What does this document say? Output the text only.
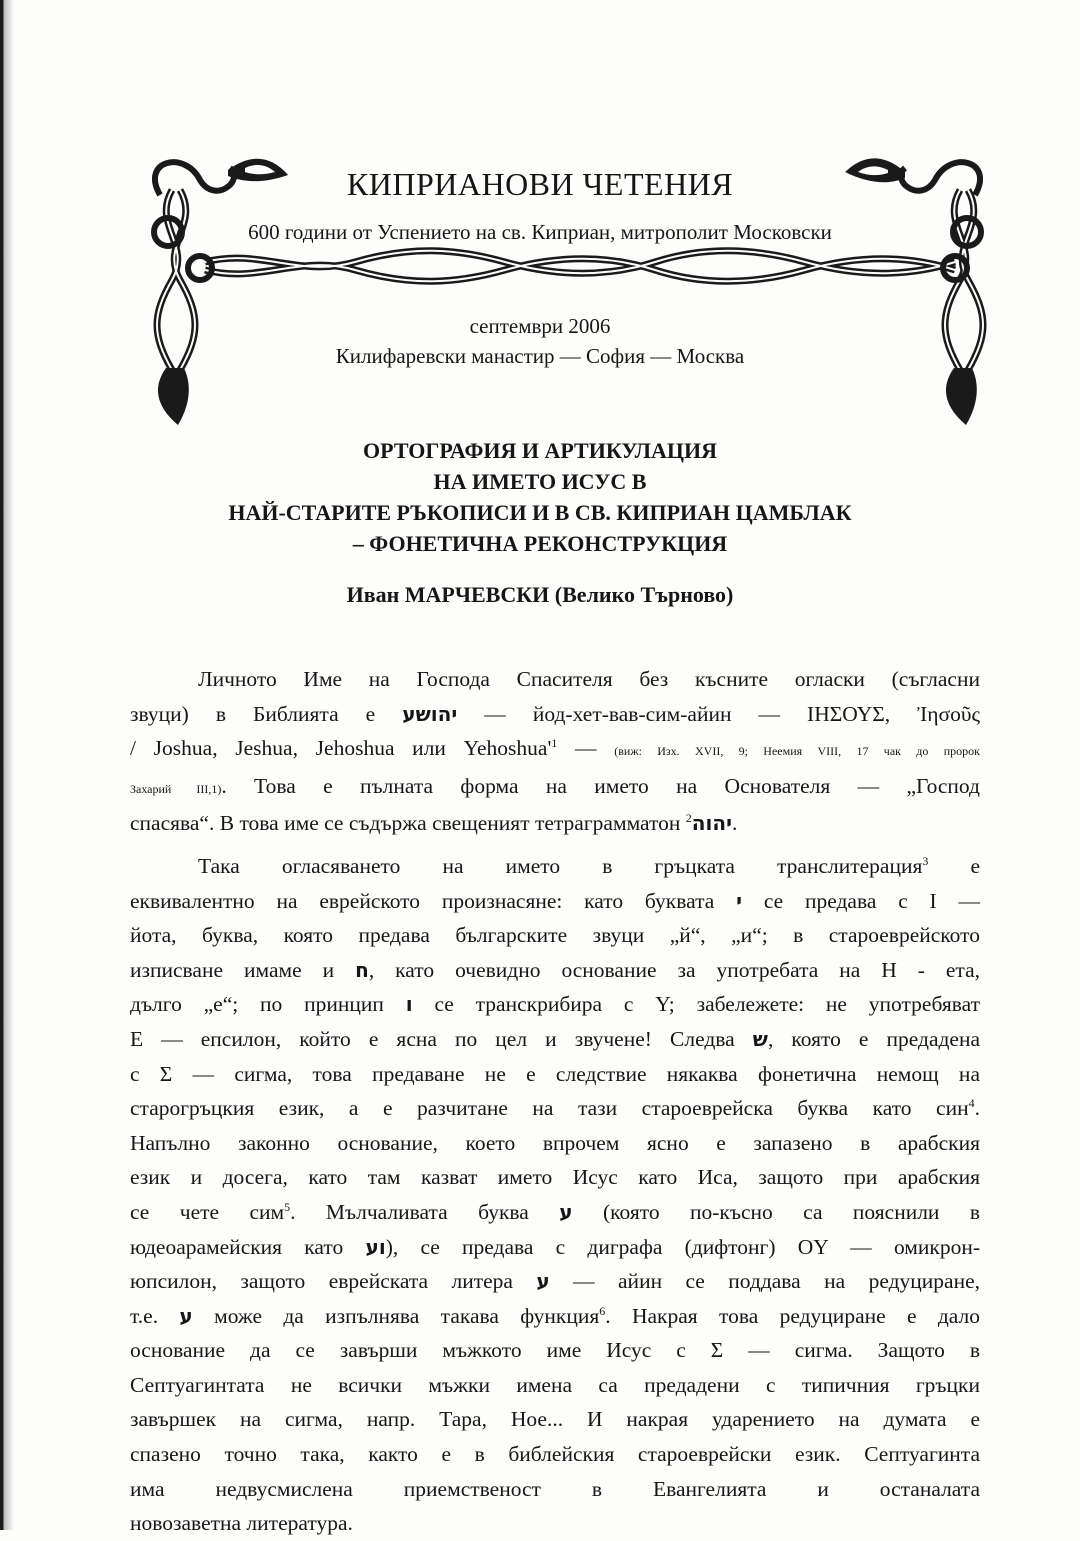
КИПРИАНОВИ ЧЕТЕНИЯ
600 години от Успението на св. Киприан, митрополит Московски
септември 2006
Килифаревски манастир — София — Москва
ОРТОГРАФИЯ И АРТИКУЛАЦИЯ
НА ИМЕТО ИСУС В
НАЙ-СТАРИТЕ РЪКОПИСИ И В СВ. КИПРИАН ЦАМБЛАК
– ФОНЕТИЧНА РЕКОНСТРУКЦИЯ
Иван МАРЧЕВСКИ (Велико Търново)
Личното Име на Господа Спасителя без късните огласки (съгласни
звуци) в Библията е יהושע — йод-хет-вав-сим-айин — ΙΗΣΟΥΣ, Ἰησοῦς
/ Joshua, Jeshua, Jehoshua или $Yehoshua'^1$ — (виж: Изх. XVII, 9; Неемия VIII, 17 чак до пророк
Захарий III,1). Това е пълната форма на името на Основателя — „Господ
спасява“. В това име се съдържа свещеният тетраграмматон יהוה$^2$ .
Така огласяването на името в гръцката транслитерация$^3$ е
еквивалентно на еврейското произнасяне: като буквата י се предава с I —
йота, буква, която предава българските звуци „й“, „и“; в староеврейското
изписване имаме и ח, като очевидно основание за употребата на H - ета,
дълго „е“; по принцип ו се транскрибира с Y; забележете: не употребяват
E — епсилон, който е ясна по цел и звучене! Следва ש, която е предадена
с Σ — сигма, това предаване не е следствие някаква фонетична немощ на
старогръцкия език, а е разчитане на тази староеврейска буква като син$^4$.
Напълно законно основание, което впрочем ясно е запазено в арабския
език и досега, като там казват името Исус като Иса, защото при арабския
се чете сим$^5$. Мълчаливата буква ע (която по-късно са пояснили в
юдеоарамейския като וע), се предава с диграфа (дифтонг) OY — омикрон-
юпсилон, защото еврейската литера ע — айин се поддава на редуциране,
т.е. ע може да изпълнява такава функция$^6$. Накрая това редуциране е дало
основание да се завърши мъжкото име Исус с Σ — сигма. Защото в
Септуагинтата не всички мъжки имена са предадени с типичния гръцки
завършек на сигма, напр. Тара, Ное... И накрая ударението на думата е
спазено точно така, както е в библейския староеврейски език. Септуагинта
има недвусмислена приемственост в Евангелията и останалата
новозаветна литература.
